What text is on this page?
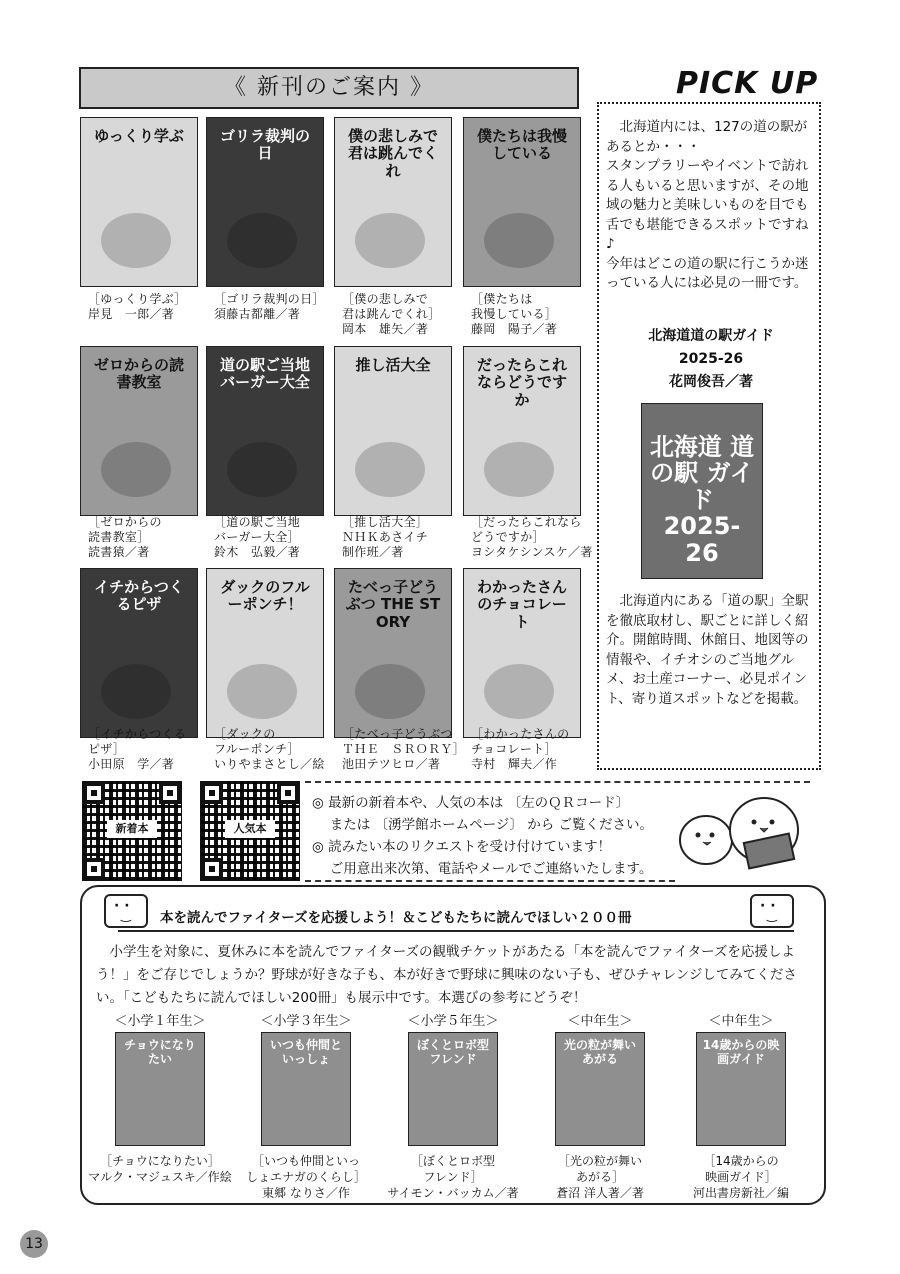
《 新刊のご案内 》
ゆっくり学ぶ
［ゆっくり学ぶ］
岸見　一郎／著
ゴリラ裁判の日
［ゴリラ裁判の日］
須藤古都離／著
僕の悲しみで君は跳んでくれ
［僕の悲しみで
君は跳んでくれ］
岡本　雄矢／著
僕たちは我慢している
［僕たちは
我慢している］
藤岡　陽子／著
ゼロからの読書教室
［ゼロからの
読書教室］
読書猿／著
道の駅ご当地バーガー大全
［道の駅ご当地
バーガー大全］
鈴木　弘毅／著
推し活大全
［推し活大全］
ＮＨＫあさイチ
制作班／著
だったらこれならどうですか
［だったらこれなら
どうですか］
ヨシタケシンスケ／著
イチからつくるピザ
［イチからつくる
ピザ］
小田原　学／著
ダックのフルーポンチ！
［ダックの
フルーポンチ］
いりやまさとし／絵
たべっ子どうぶつ THE STORY
［たべっ子どうぶつ
ＴＨＥ　ＳＲＯＲＹ］
池田テツヒロ／著
わかったさんのチョコレート
［わかったさんの
チョコレート］
寺村　輝夫／作
PICK UP
北海道内には、127の道の駅があるとか・・・
スタンプラリーやイベントで訪れる人もいると思いますが、その地域の魅力と美味しいものを目でも舌でも堪能できるスポットですね♪
今年はどこの道の駅に行こうか迷っている人には必見の一冊です。
北海道道の駅ガイド
2025-26
花岡俊吾／著
北海道 道の駅 ガイド 2025-26
北海道内にある「道の駅」全駅を徹底取材し、駅ごとに詳しく紹介。開館時間、休館日、地図等の情報や、イチオシのご当地グルメ、お土産コーナー、必見ポイント、寄り道スポットなどを掲載。
新着本	人気本
◎ 最新の新着本や、人気の本は 〔左のＱＲコード〕
　 または 〔湧学館ホームページ〕 から ご覧ください。
◎ 読みたい本のリクエストを受け付けています！
　 ご用意出来次第、電話やメールでご連絡いたします。
· · ‿
· · ‿
本を読んでファイターズを応援しよう！＆こどもたちに読んでほしい２００冊
小学生を対象に、夏休みに本を読んでファイターズの観戦チケットがあたる「本を読んでファイターズを応援しよう！」をご存じでしょうか？野球が好きな子も、本が好きで野球に興味のない子も、ぜひチャレンジしてみてください。「こどもたちに読んでほしい200冊」も展示中です。本選びの参考にどうぞ！
＜小学１年生＞
チョウになりたい
［チョウになりたい］
マルク・マジュスキ／作絵
＜小学３年生＞
いつも仲間といっしょ
［いつも仲間といっ
しょエナガのくらし］
東郷 なりさ／作
＜小学５年生＞
ぼくとロボ型フレンド
［ぼくとロボ型
フレンド］
サイモン・バッカム／著
＜中年生＞
光の粒が舞いあがる
［光の粒が舞い
あがる］
蒼沼 洋人著／著
＜中年生＞
14歳からの映画ガイド
［14歳からの
映画ガイド］
河出書房新社／編
13
